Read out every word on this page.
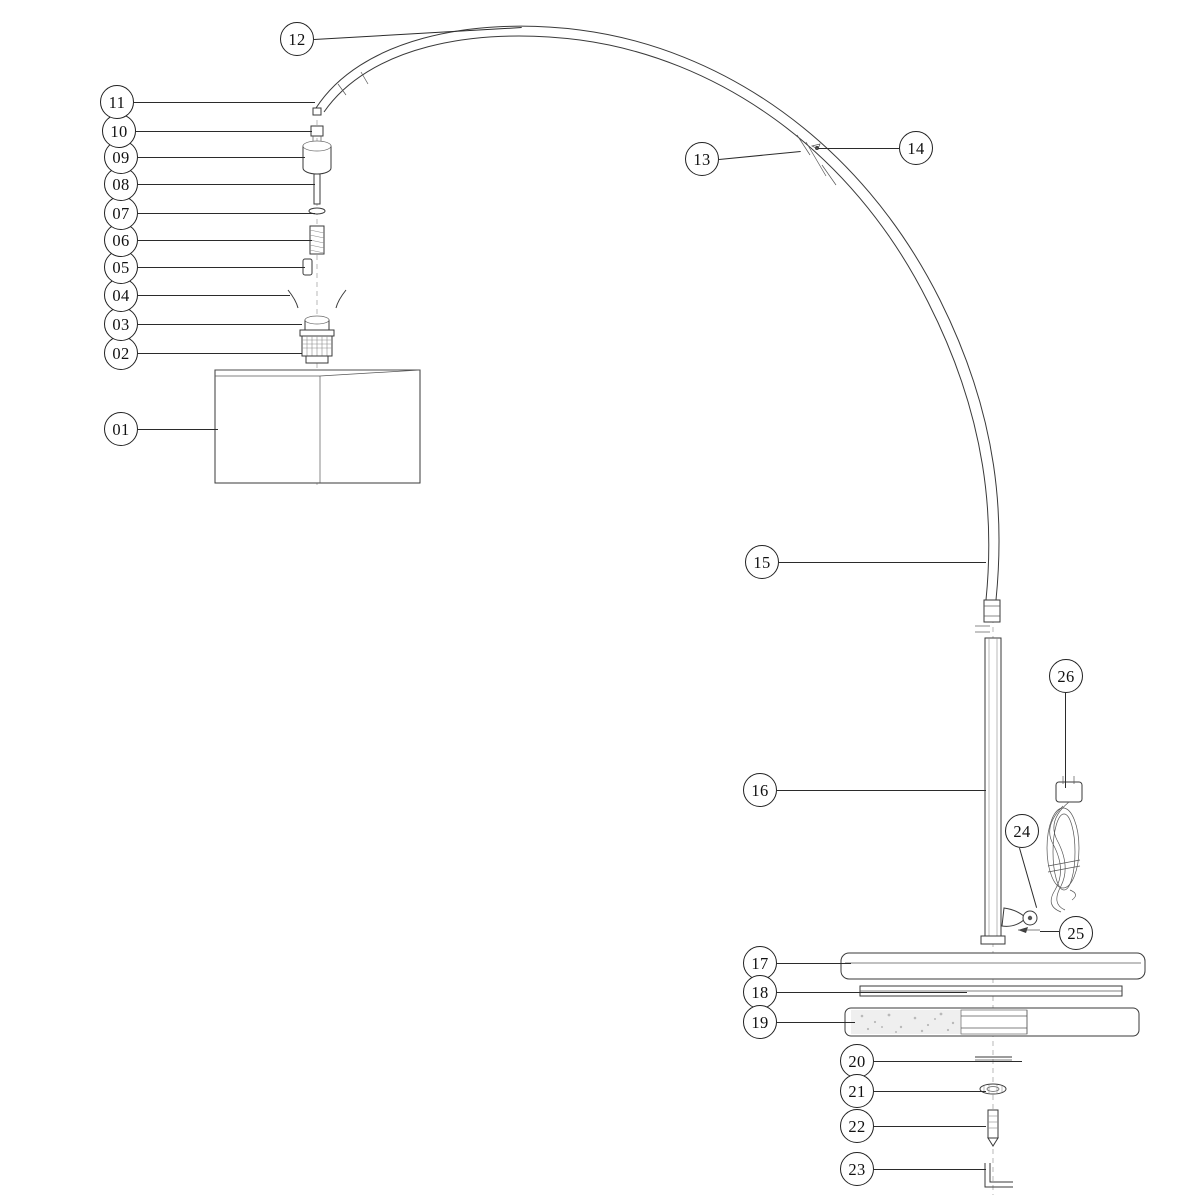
01
02
03
04
05
06
07
08
09
10
11
12
13
14
15
16
17
18
19
20
21
22
23
24
25
26
